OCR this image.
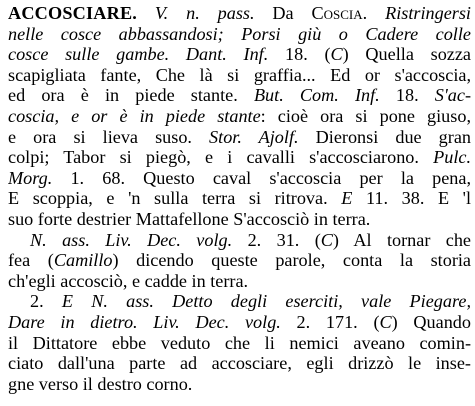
ACCOSCIARE. V. n. pass. Da Coscia. Ristringersi
nelle cosce abbassandosi; Porsi giù o Cadere colle
cosce sulle gambe. Dant. Inf. 18. (C) Quella sozza
scapigliata fante, Che là si graffia... Ed or s'accoscia,
ed ora è in piede stante. But. Com. Inf. 18. S'ac-
coscia, e or è in piede stante: cioè ora si pone giuso,
e ora si lieva suso. Stor. Ajolf. Dieronsi due gran
colpi; Tabor si piegò, e i cavalli s'accosciarono. Pulc.
Morg. 1. 68. Questo caval s'accoscia per la pena,
E scoppia, e 'n sulla terra si ritrova. E 11. 38. E 'l
suo forte destrier Mattafellone S'accosciò in terra.
N. ass. Liv. Dec. volg. 2. 31. (C) Al tornar che
fea (Camillo) dicendo queste parole, conta la storia
ch'egli accosciò, e cadde in terra.
2. E N. ass. Detto degli eserciti, vale Piegare,
Dare in dietro. Liv. Dec. volg. 2. 171. (C) Quando
il Dittatore ebbe veduto che li nemici aveano comin-
ciato dall'una parte ad accosciare, egli drizzò le inse-
gne verso il destro corno.
